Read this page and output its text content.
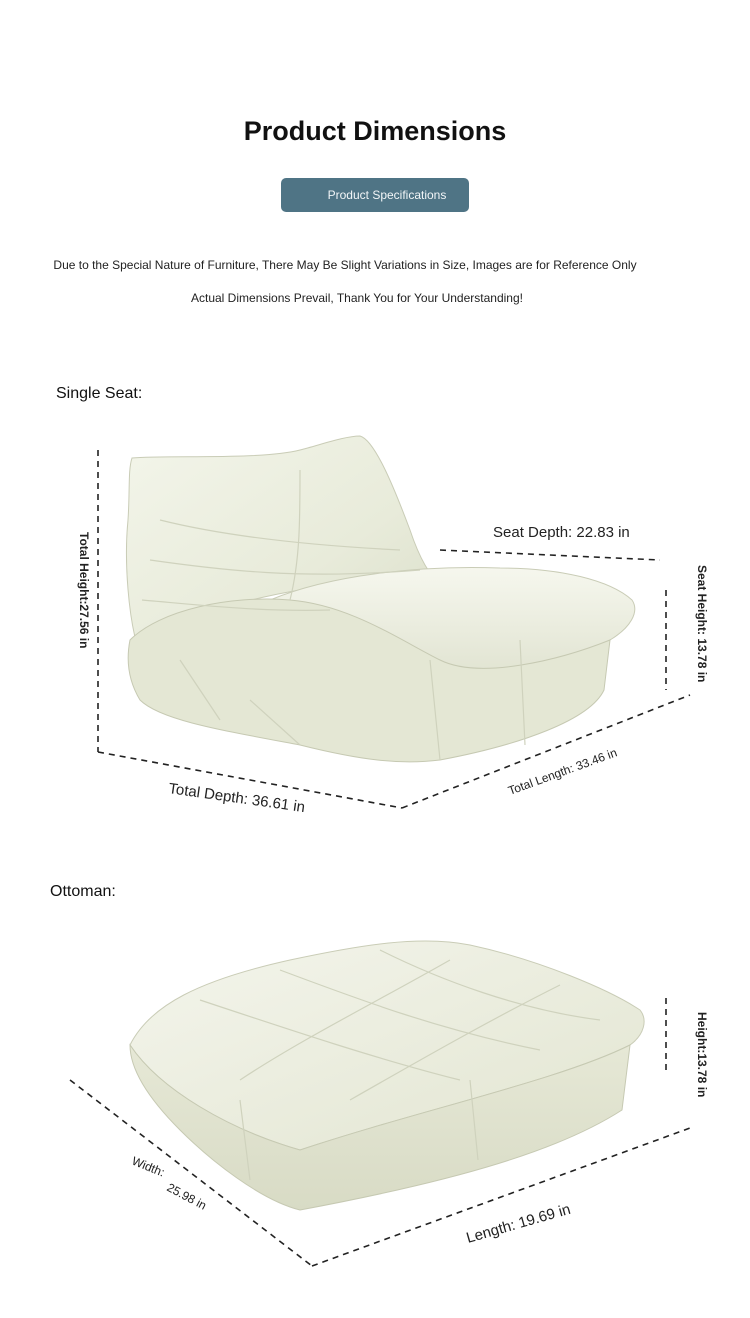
Product Dimensions
Product Specifications
Due to the Special Nature of Furniture, There May Be Slight Variations in Size, Images are for Reference Only
Actual Dimensions Prevail, Thank You for Your Understanding!
Single Seat:
Total Height:27.56 in	Seat Depth: 22.83 in
Seat Height: 13.78 in
Total Depth: 36.61 in
Total Length: 33.46 in
Ottoman:
Height:13.78 in
Width:
25.98 in
Length: 19.69 in
